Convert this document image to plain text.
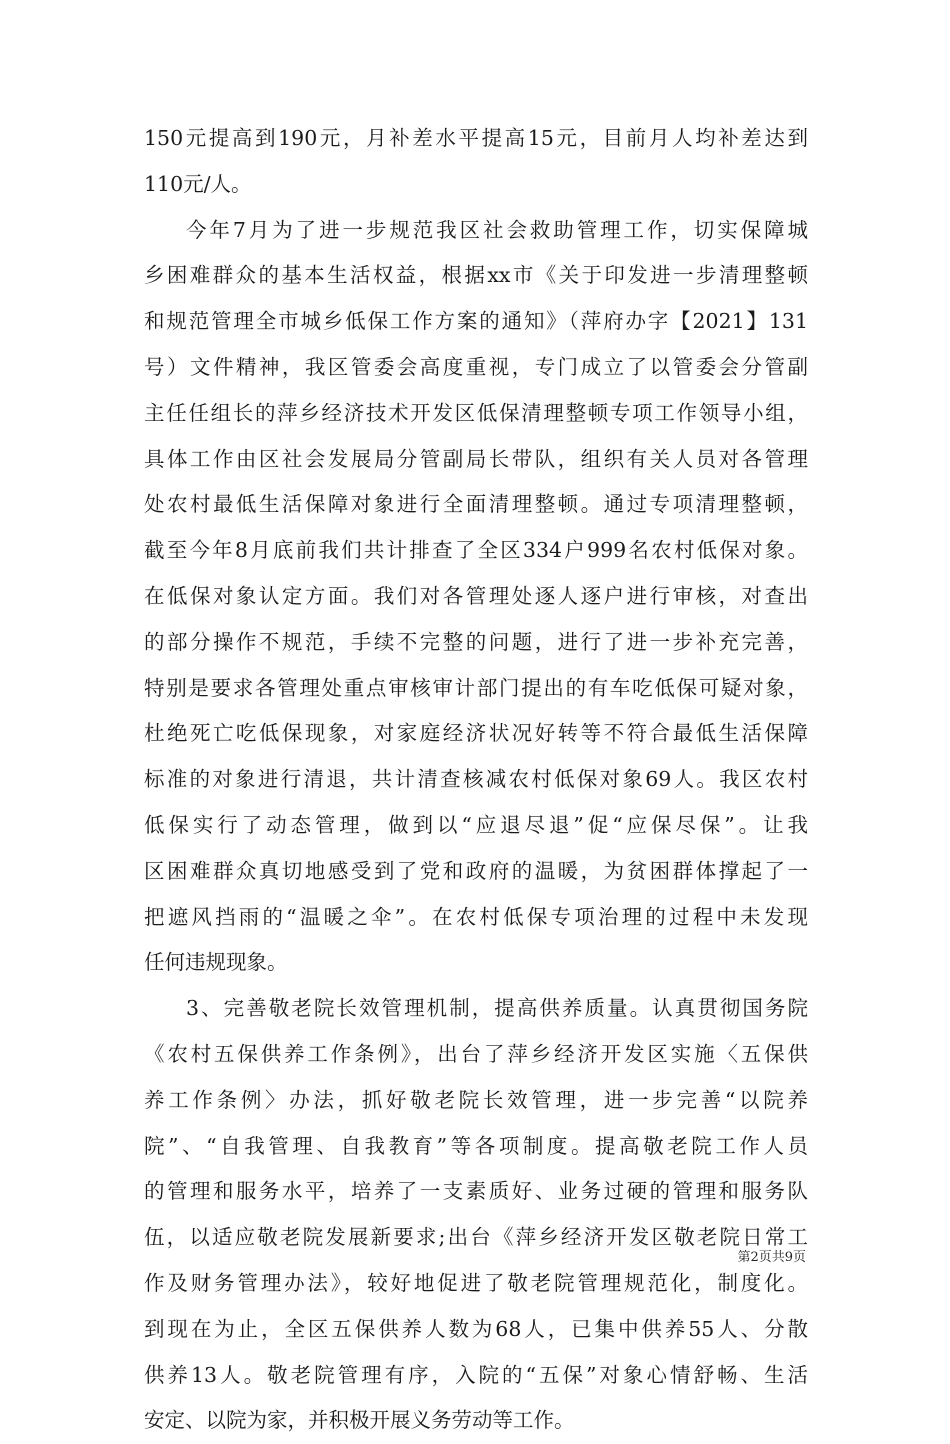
150元提高到190元，月补差水平提高15元，目前月人均补差达到
110元/人。
今年7月为了进一步规范我区社会救助管理工作，切实保障城
乡困难群众的基本生活权益，根据xx市《关于印发进一步清理整顿
和规范管理全市城乡低保工作方案的通知》（萍府办字【2021】131
号）文件精神，我区管委会高度重视，专门成立了以管委会分管副
主任任组长的萍乡经济技术开发区低保清理整顿专项工作领导小组，
具体工作由区社会发展局分管副局长带队，组织有关人员对各管理
处农村最低生活保障对象进行全面清理整顿。通过专项清理整顿，
截至今年8月底前我们共计排查了全区334户999名农村低保对象。
在低保对象认定方面。我们对各管理处逐人逐户进行审核，对查出
的部分操作不规范，手续不完整的问题，进行了进一步补充完善，
特别是要求各管理处重点审核审计部门提出的有车吃低保可疑对象，
杜绝死亡吃低保现象，对家庭经济状况好转等不符合最低生活保障
标准的对象进行清退，共计清查核减农村低保对象69人。我区农村
低保实行了动态管理，做到以“应退尽退”促“应保尽保”。让我
区困难群众真切地感受到了党和政府的温暖，为贫困群体撑起了一
把遮风挡雨的“温暖之伞”。在农村低保专项治理的过程中未发现
任何违规现象。
3、完善敬老院长效管理机制，提高供养质量。认真贯彻国务院
《农村五保供养工作条例》，出台了萍乡经济开发区实施〈五保供
养工作条例〉办法，抓好敬老院长效管理，进一步完善“以院养
院”、“自我管理、自我教育”等各项制度。提高敬老院工作人员
的管理和服务水平，培养了一支素质好、业务过硬的管理和服务队
伍，以适应敬老院发展新要求;出台《萍乡经济开发区敬老院日常工
作及财务管理办法》，较好地促进了敬老院管理规范化，制度化。
到现在为止，全区五保供养人数为68人，已集中供养55人、分散
供养13人。敬老院管理有序，入院的“五保”对象心情舒畅、生活
安定、以院为家，并积极开展义务劳动等工作。
第2页共9页
